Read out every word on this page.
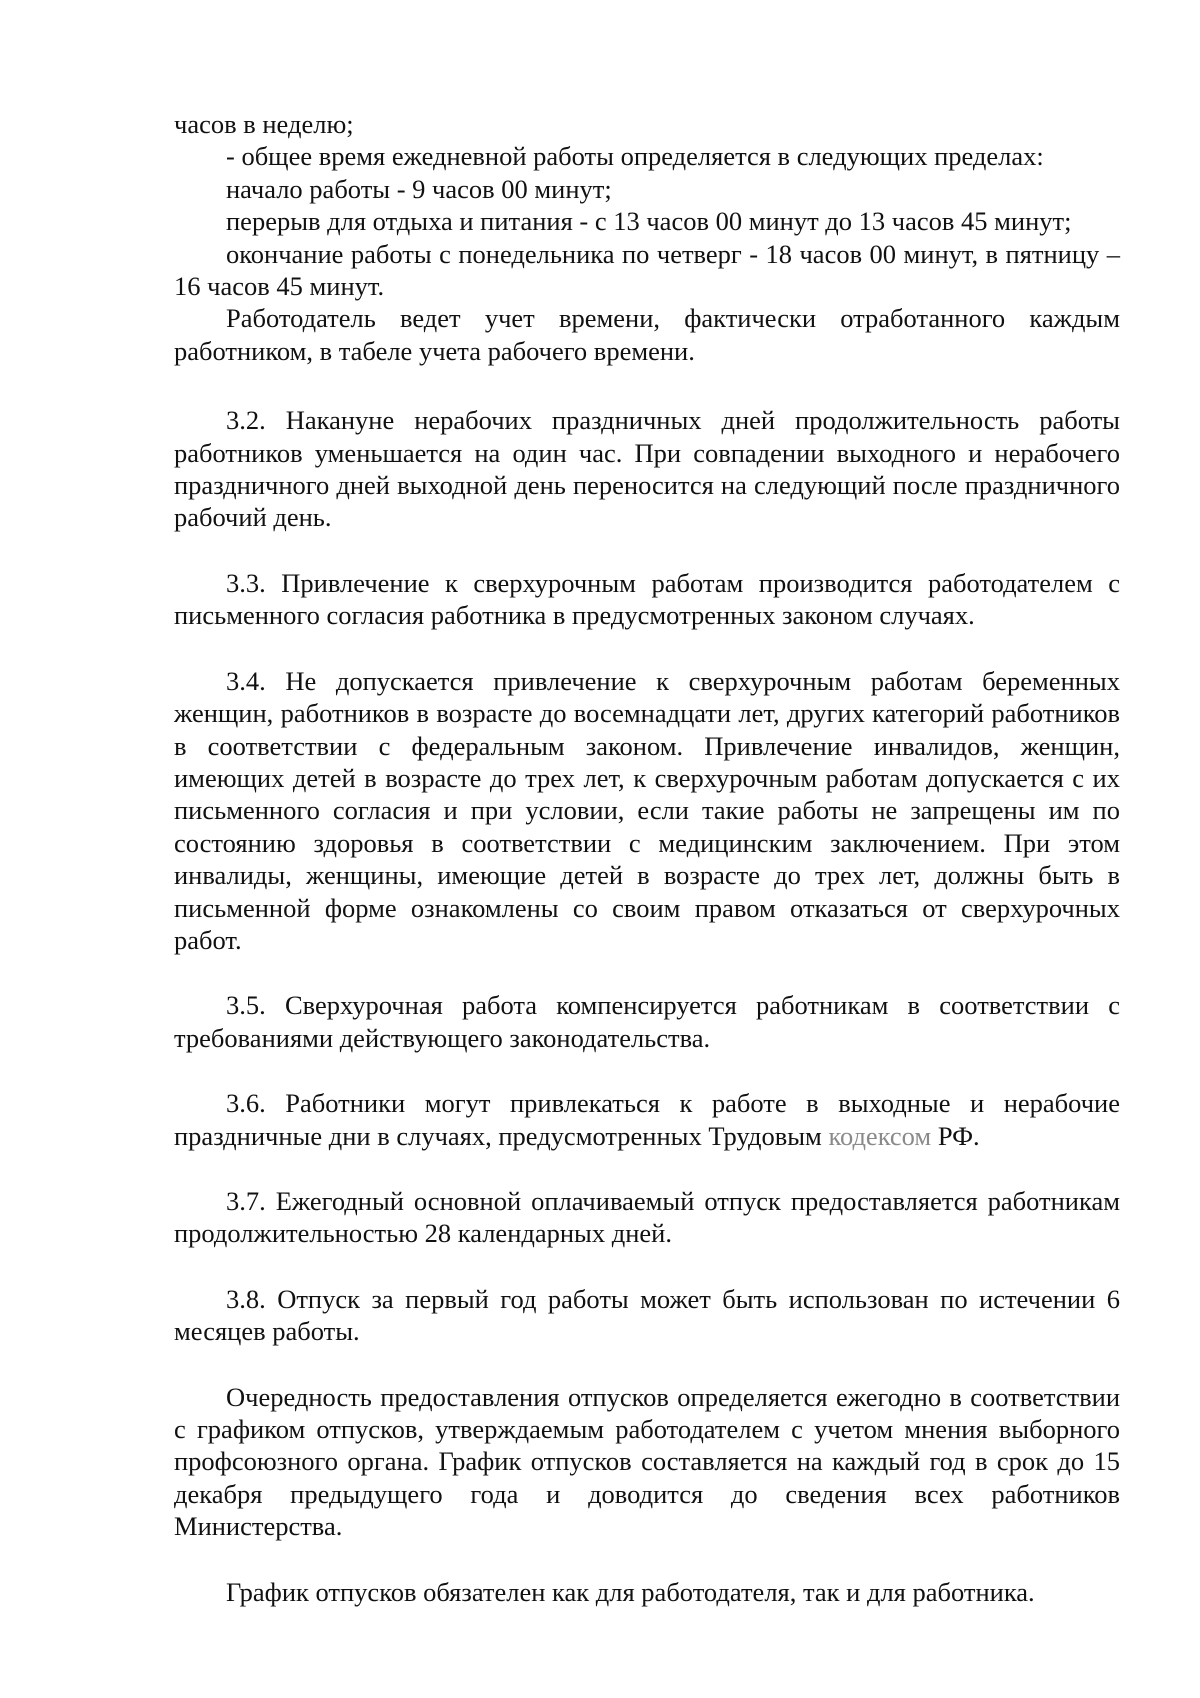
часов в неделю;

- общее время ежедневной работы определяется в следующих пределах:

начало работы - 9 часов 00 минут;

перерыв для отдыха и питания - с 13 часов 00 минут до 13 часов 45 минут;

окончание работы с понедельника по четверг - 18 часов 00 минут, в пятницу – 16 часов 45 минут.

Работодатель ведет учет времени, фактически отработанного каждым работником, в табеле учета рабочего времени.

3.2. Накануне нерабочих праздничных дней продолжительность работы работников уменьшается на один час. При совпадении выходного и нерабочего праздничного дней выходной день переносится на следующий после праздничного рабочий день.

3.3. Привлечение к сверхурочным работам производится работодателем с письменного согласия работника в предусмотренных законом случаях.

3.4. Не допускается привлечение к сверхурочным работам беременных женщин, работников в возрасте до восемнадцати лет, других категорий работников в соответствии с федеральным законом. Привлечение инвалидов, женщин, имеющих детей в возрасте до трех лет, к сверхурочным работам допускается с их письменного согласия и при условии, если такие работы не запрещены им по состоянию здоровья в соответствии с медицинским заключением. При этом инвалиды, женщины, имеющие детей в возрасте до трех лет, должны быть в письменной форме ознакомлены со своим правом отказаться от сверхурочных работ.

3.5. Сверхурочная работа компенсируется работникам в соответствии с требованиями действующего законодательства.

3.6. Работники могут привлекаться к работе в выходные и нерабочие праздничные дни в случаях, предусмотренных Трудовым кодексом РФ.

3.7. Ежегодный основной оплачиваемый отпуск предоставляется работникам продолжительностью 28 календарных дней.

3.8. Отпуск за первый год работы может быть использован по истечении 6 месяцев работы.

Очередность предоставления отпусков определяется ежегодно в соответствии с графиком отпусков, утверждаемым работодателем с учетом мнения выборного профсоюзного органа. График отпусков составляется на каждый год в срок до 15 декабря предыдущего года и доводится до сведения всех работников Министерства.

График отпусков обязателен как для работодателя, так и для работника.
